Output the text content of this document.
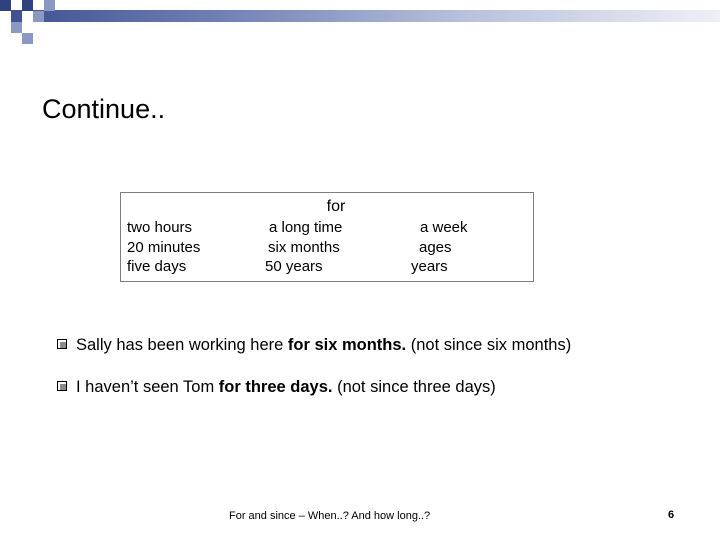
Continue..
for
two hours
20 minutes
five days
a long time
six months
50 years
a week
ages
years
Sally has been working here for six months. (not since six months)
I haven’t seen Tom for three days. (not since three days)
For and since – When..? And how long..?	6
